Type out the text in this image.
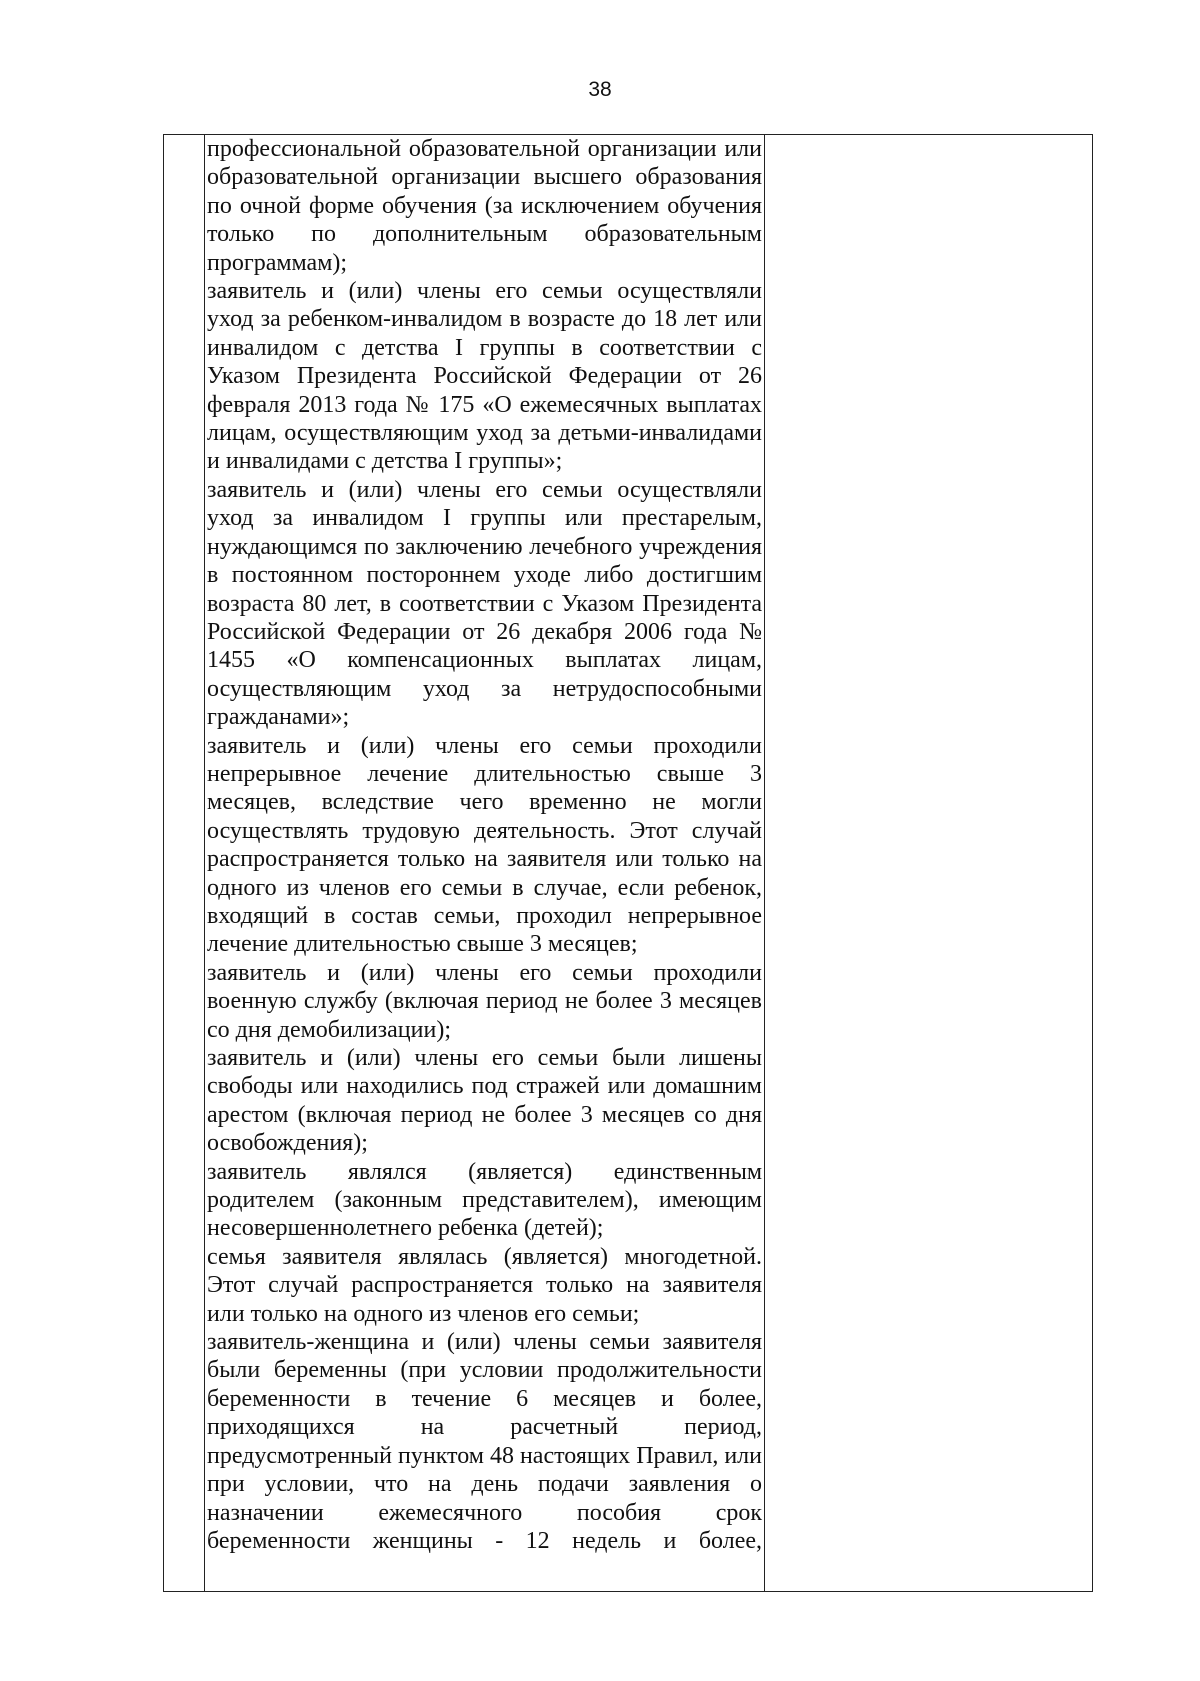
38

профессиональной образовательной организации или образовательной организации высшего образования по очной форме обучения (за исключением обучения только по дополнительным образовательным программам);

заявитель и (или) члены его семьи осуществляли уход за ребенком-инвалидом в возрасте до 18 лет или инвалидом с детства I группы в соответствии с Указом Президента Российской Федерации от 26 февраля 2013 года № 175 «О ежемесячных выплатах лицам, осуществляющим уход за детьми-инвалидами и инвалидами с детства I группы»;

заявитель и (или) члены его семьи осуществляли уход за инвалидом I группы или престарелым, нуждающимся по заключению лечебного учреждения в постоянном постороннем уходе либо достигшим возраста 80 лет, в соответствии с Указом Президента Российской Федерации от 26 декабря 2006 года № 1455 «О компенсационных выплатах лицам, осуществляющим уход за нетрудоспособными гражданами»;

заявитель и (или) члены его семьи проходили непрерывное лечение длительностью свыше 3 месяцев, вследствие чего временно не могли осуществлять трудовую деятельность. Этот случай распространяется только на заявителя или только на одного из членов его семьи в случае, если ребенок, входящий в состав семьи, проходил непрерывное лечение длительностью свыше 3 месяцев;

заявитель и (или) члены его семьи проходили военную службу (включая период не более 3 месяцев со дня демобилизации);

заявитель и (или) члены его семьи были лишены свободы или находились под стражей или домашним арестом (включая период не более 3 месяцев со дня освобождения);

заявитель являлся (является) единственным родителем (законным представителем), имеющим несовершеннолетнего ребенка (детей);

семья заявителя являлась (является) многодетной. Этот случай распространяется только на заявителя или только на одного из членов его семьи;

заявитель-женщина и (или) члены семьи заявителя были беременны (при условии продолжительности беременности в течение 6 месяцев и более, приходящихся на расчетный период, предусмотренный пунктом 48 настоящих Правил, или при условии, что на день подачи заявления о назначении ежемесячного пособия срок беременности женщины - 12 недель и более,
